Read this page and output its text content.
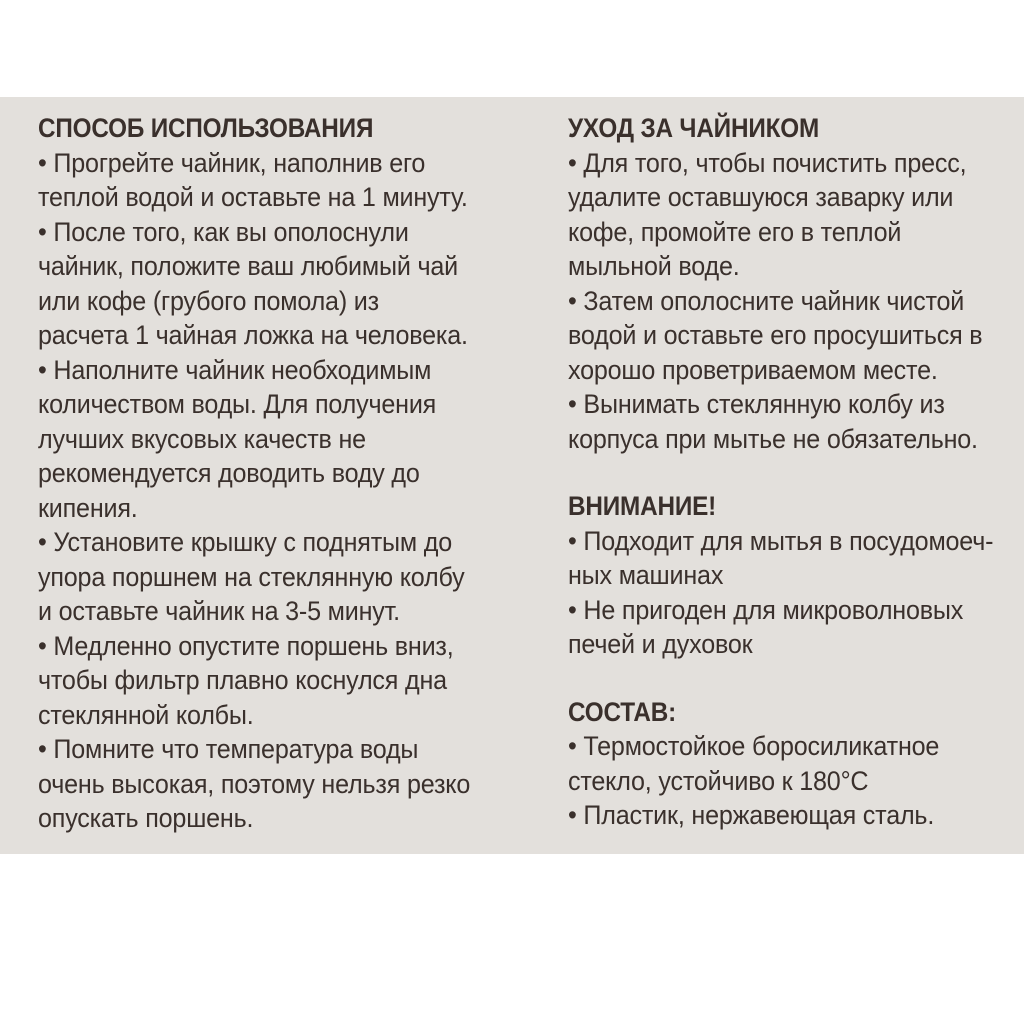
СПОСОБ ИСПОЛЬЗОВАНИЯ

• Прогрейте чайник, наполнив его

теплой водой и оставьте на 1 минуту.

• После того, как вы ополоснули

чайник, положите ваш любимый чай

или кофе (грубого помола) из

расчета 1 чайная ложка на человека.

• Наполните чайник необходимым

количеством воды. Для получения

лучших вкусовых качеств не

рекомендуется доводить воду до

кипения.

• Установите крышку с поднятым до

упора поршнем на стеклянную колбу

и оставьте чайник на 3-5 минут.

• Медленно опустите поршень вниз,

чтобы фильтр плавно коснулся дна

стеклянной колбы.

• Помните что температура воды

очень высокая, поэтому нельзя резко

опускать поршень.

УХОД ЗА ЧАЙНИКОМ

• Для того, чтобы почистить пресс,

удалите оставшуюся заварку или

кофе, промойте его в теплой

мыльной воде.

• Затем ополосните чайник чистой

водой и оставьте его просушиться в

хорошо проветриваемом месте.

• Вынимать стеклянную колбу из

корпуса при мытье не обязательно.

ВНИМАНИЕ!

• Подходит для мытья в посудомоеч-

ных машинах

• Не пригоден для микроволновых

печей и духовок

СОСТАВ:

• Термостойкое боросиликатное

стекло, устойчиво к 180°C

• Пластик, нержавеющая сталь.
